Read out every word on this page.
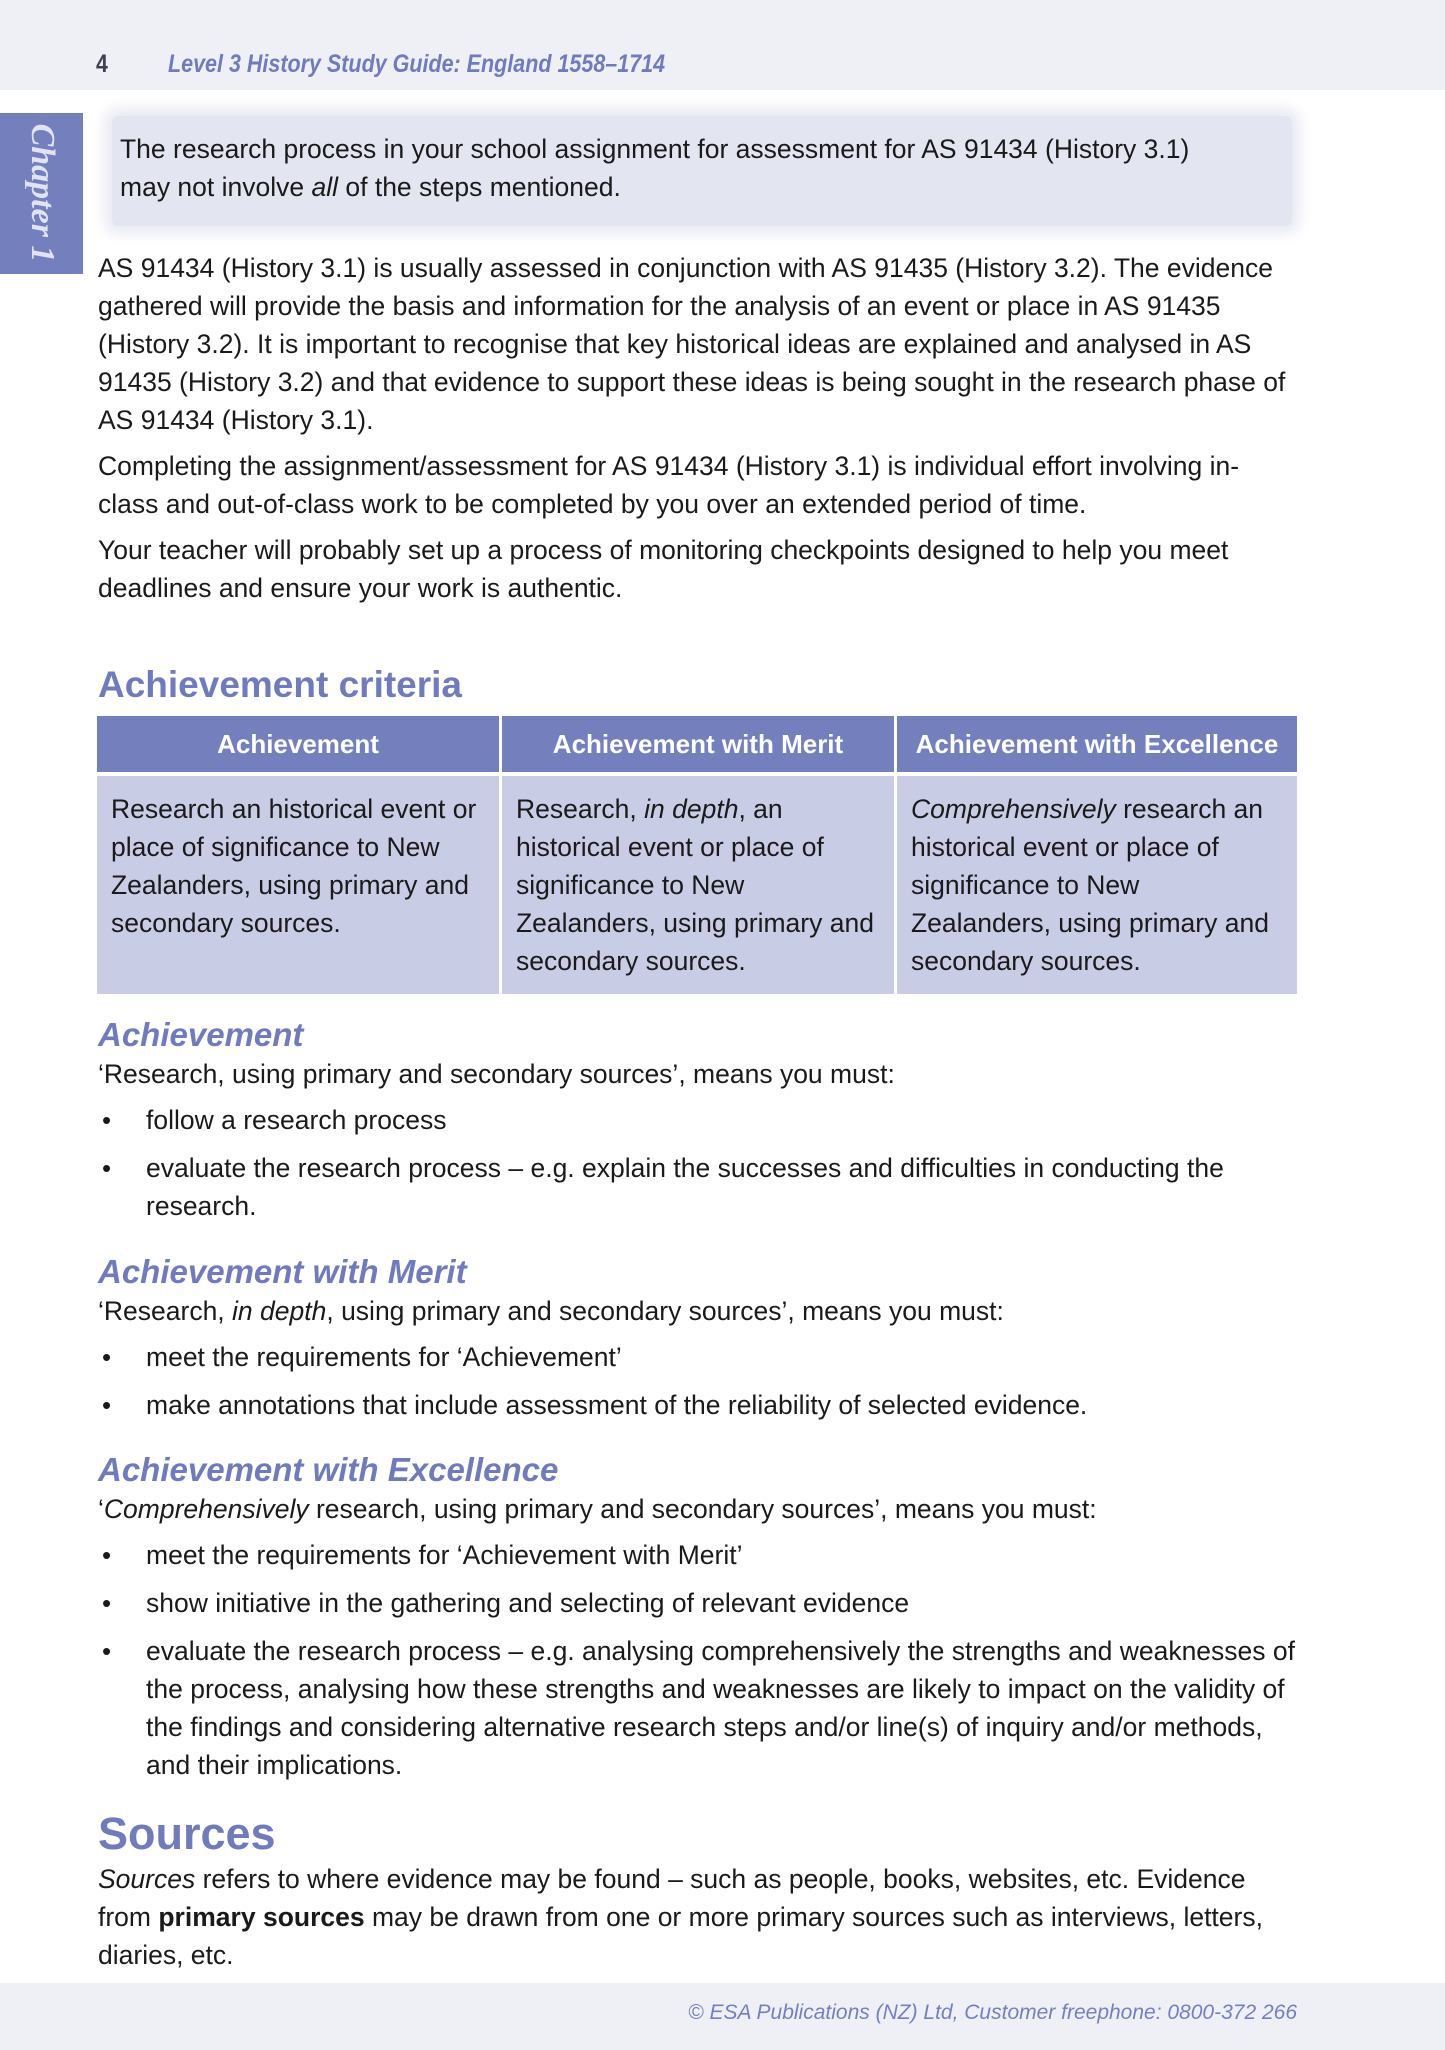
4 Level 3 History Study Guide: England 1558–1714
Chapter 1 The research process in your school assignment for assessment for AS 91434 (History 3.1) may not involve all of the steps mentioned.

AS 91434 (History 3.1) is usually assessed in conjunction with AS 91435 (History 3.2). The evidence gathered will provide the basis and information for the analysis of an event or place in AS 91435 (History 3.2). It is important to recognise that key historical ideas are explained and analysed in AS 91435 (History 3.2) and that evidence to support these ideas is being sought in the research phase of AS 91434 (History 3.1).

Completing the assignment/assessment for AS 91434 (History 3.1) is individual effort involving in-class and out-of-class work to be completed by you over an extended period of time.

Your teacher will probably set up a process of monitoring checkpoints designed to help you meet deadlines and ensure your work is authentic.

Achievement criteria
Achievement	Achievement with Merit	Achievement with Excellence
Research an historical event or place of significance to New Zealanders, using primary and secondary sources.	Research, in depth, an historical event or place of significance to New Zealanders, using primary and secondary sources.	Comprehensively research an historical event or place of significance to New Zealanders, using primary and secondary sources.
Achievement

‘Research, using primary and secondary sources’, means you must:

• follow a research process
• evaluate the research process – e.g. explain the successes and difficulties in conducting the research.
Achievement with Merit

‘Research, in depth, using primary and secondary sources’, means you must:

• meet the requirements for ‘Achievement’
• make annotations that include assessment of the reliability of selected evidence.
Achievement with Excellence

‘Comprehensively research, using primary and secondary sources’, means you must:

• meet the requirements for ‘Achievement with Merit’
• show initiative in the gathering and selecting of relevant evidence
• evaluate the research process – e.g. analysing comprehensively the strengths and weaknesses of the process, analysing how these strengths and weaknesses are likely to impact on the validity of the findings and considering alternative research steps and/or line(s) of inquiry and/or methods, and their implications.
Sources

Sources refers to where evidence may be found – such as people, books, websites, etc. Evidence from primary sources may be drawn from one or more primary sources such as interviews, letters, diaries, etc.

© ESA Publications (NZ) Ltd, Customer freephone: 0800-372 266
